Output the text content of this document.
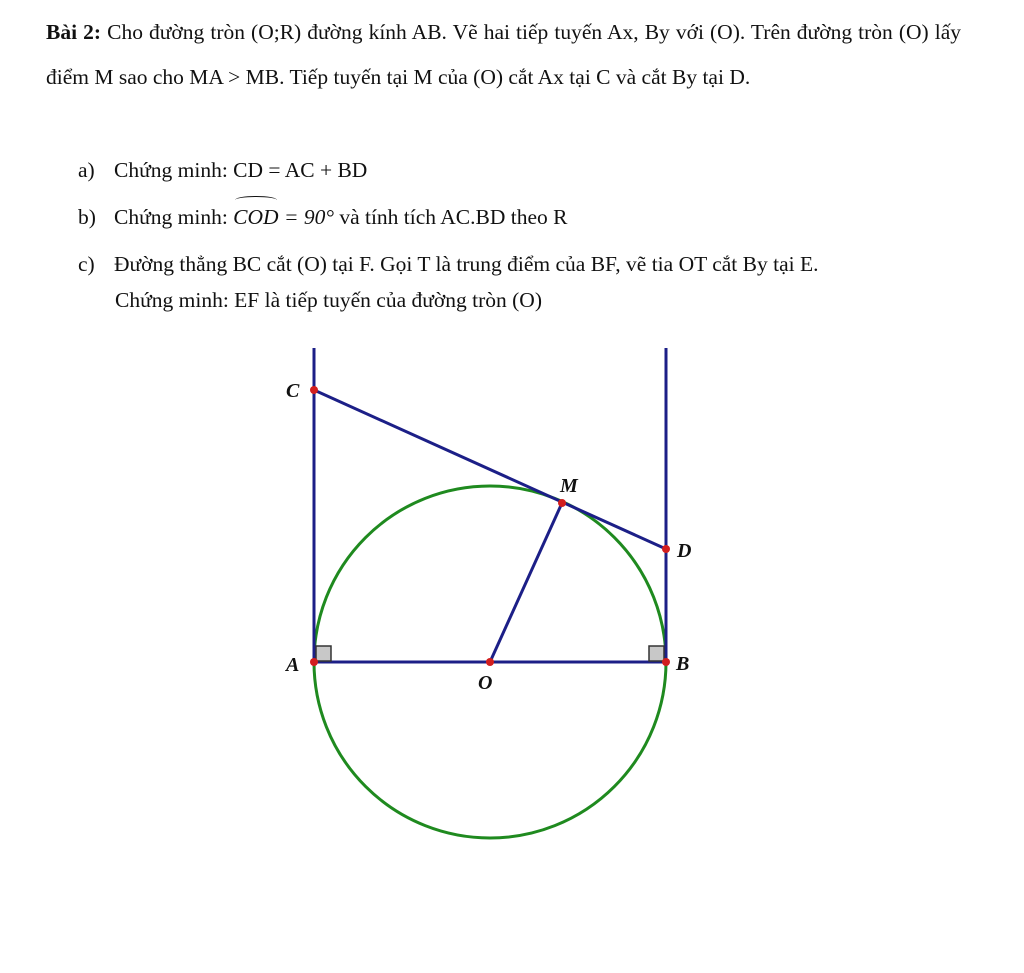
Bài 2: Cho đường tròn (O;R) đường kính AB. Vẽ hai tiếp tuyến Ax, By với (O). Trên đường tròn (O) lấy điểm M sao cho MA > MB. Tiếp tuyến tại M của (O) cắt Ax tại C và cắt By tại D.
a) Chứng minh: CD = AC + BD
b) Chứng minh: COD = 90° và tính tích AC.BD theo R
c) Đường thẳng BC cắt (O) tại F. Gọi T là trung điểm của BF, vẽ tia OT cắt By tại E.
Chứng minh: EF là tiếp tuyến của đường tròn (O)
C
M
D
A
O
B
